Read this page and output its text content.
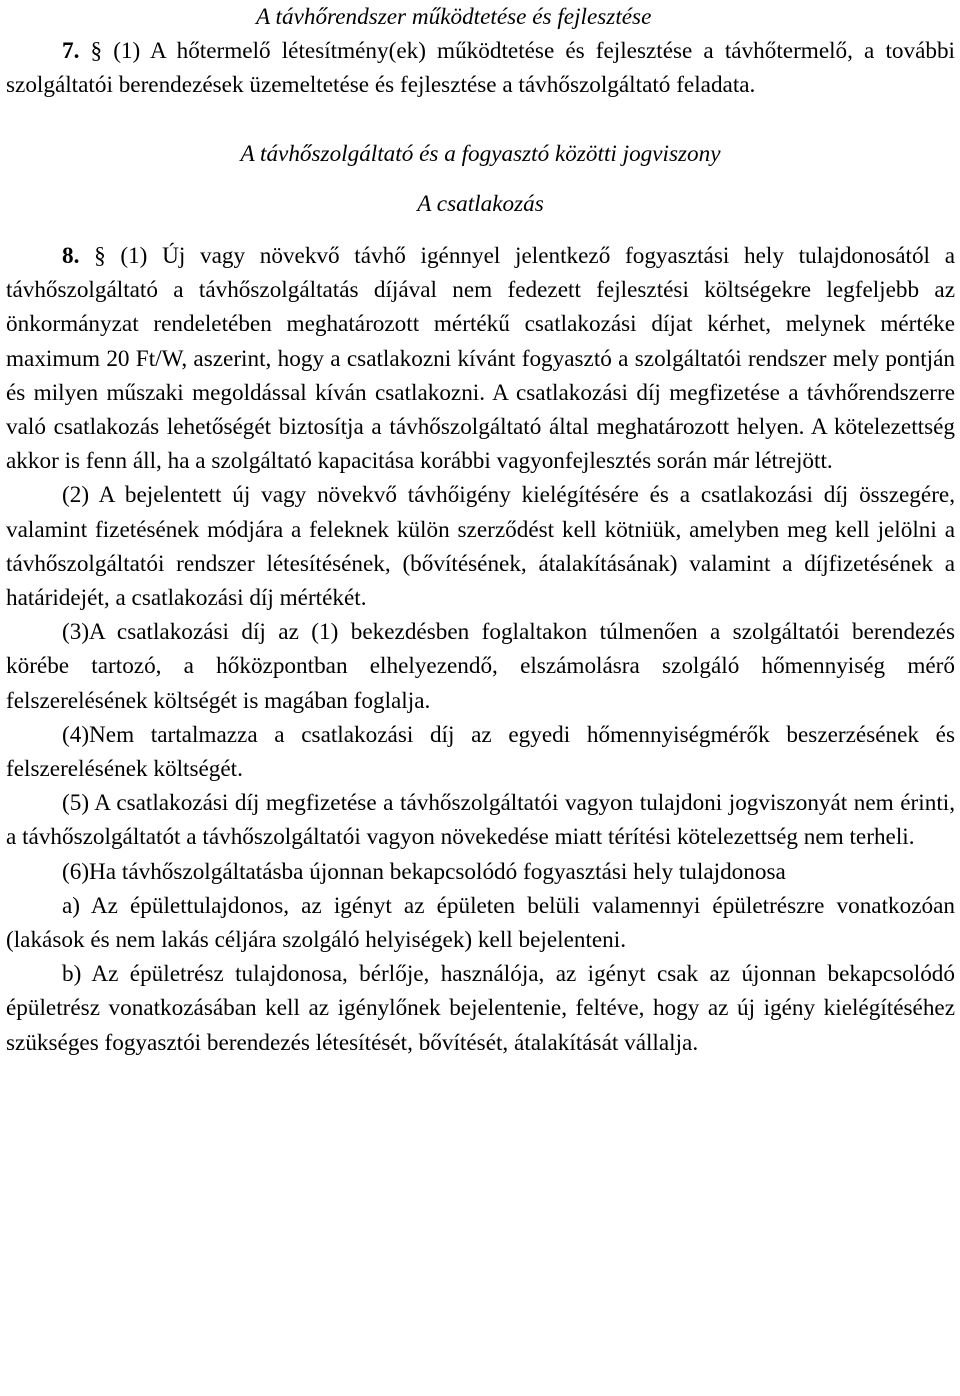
A távhőrendszer működtetése és fejlesztése

7. § (1) A hőtermelő létesítmény(ek) működtetése és fejlesztése a távhőtermelő, a további szolgáltatói berendezések üzemeltetése és fejlesztése a távhőszolgáltató feladata.

A távhőszolgáltató és a fogyasztó közötti jogviszony

A csatlakozás

8. § (1) Új vagy növekvő távhő igénnyel jelentkező fogyasztási hely tulajdonosától a távhőszolgáltató a távhőszolgáltatás díjával nem fedezett fejlesztési költségekre legfeljebb az önkormányzat rendeletében meghatározott mértékű csatlakozási díjat kérhet, melynek mértéke maximum 20 Ft/W, aszerint, hogy a csatlakozni kívánt fogyasztó a szolgáltatói rendszer mely pontján és milyen műszaki megoldással kíván csatlakozni. A csatlakozási díj megfizetése a távhőrendszerre való csatlakozás lehetőségét biztosítja a távhőszolgáltató által meghatározott helyen. A kötelezettség akkor is fenn áll, ha a szolgáltató kapacitása korábbi vagyonfejlesztés során már létrejött.

(2) A bejelentett új vagy növekvő távhőigény kielégítésére és a csatlakozási díj összegére, valamint fizetésének módjára a feleknek külön szerződést kell kötniük, amelyben meg kell jelölni a távhőszolgáltatói rendszer létesítésének, (bővítésének, átalakításának) valamint a díjfizetésének a határidejét, a csatlakozási díj mértékét.

(3)A csatlakozási díj az (1) bekezdésben foglaltakon túlmenően a szolgáltatói berendezés körébe tartozó, a hőközpontban elhelyezendő, elszámolásra szolgáló hőmennyiség mérő felszerelésének költségét is magában foglalja.

(4)Nem tartalmazza a csatlakozási díj az egyedi hőmennyiségmérők beszerzésének és felszerelésének költségét.

(5) A csatlakozási díj megfizetése a távhőszolgáltatói vagyon tulajdoni jogviszonyát nem érinti, a távhőszolgáltatót a távhőszolgáltatói vagyon növekedése miatt térítési kötelezettség nem terheli.

(6)Ha távhőszolgáltatásba újonnan bekapcsolódó fogyasztási hely tulajdonosa

a) Az épülettulajdonos, az igényt az épületen belüli valamennyi épületrészre vonatkozóan (lakások és nem lakás céljára szolgáló helyiségek) kell bejelenteni.

b) Az épületrész tulajdonosa, bérlője, használója, az igényt csak az újonnan bekapcsolódó épületrész vonatkozásában kell az igénylőnek bejelentenie, feltéve, hogy az új igény kielégítéséhez szükséges fogyasztói berendezés létesítését, bővítését, átalakítását vállalja.
